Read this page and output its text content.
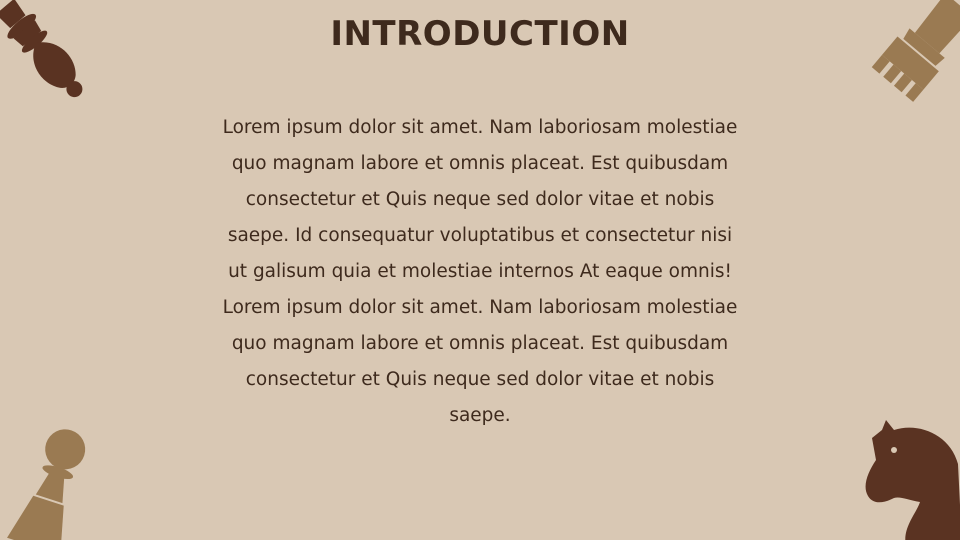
INTRODUCTION

Lorem ipsum dolor sit amet. Nam laboriosam molestiae quo magnam labore et omnis placeat. Est quibusdam consectetur et Quis neque sed dolor vitae et nobis saepe. Id consequatur voluptatibus et consectetur nisi ut galisum quia et molestiae internos At eaque omnis! Lorem ipsum dolor sit amet. Nam laboriosam molestiae quo magnam labore et omnis placeat. Est quibusdam consectetur et Quis neque sed dolor vitae et nobis saepe.
